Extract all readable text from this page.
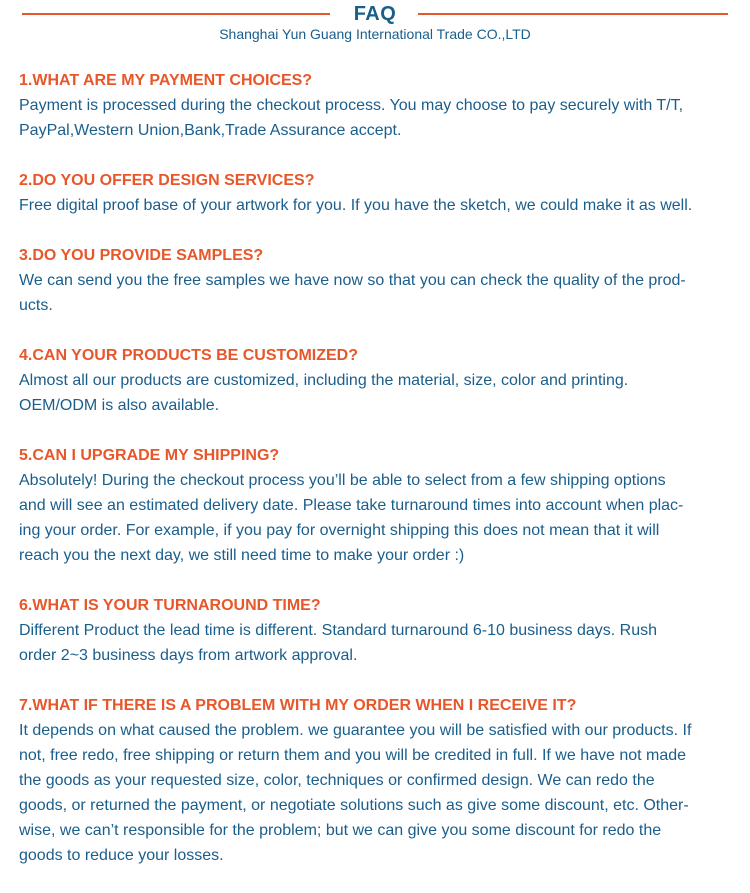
FAQ
Shanghai Yun Guang International Trade CO.,LTD
1.WHAT ARE MY PAYMENT CHOICES?
Payment is processed during the checkout process. You may choose to pay securely with T/T,
PayPal,Western Union,Bank,Trade Assurance accept.
2.DO YOU OFFER DESIGN SERVICES?
Free digital proof base of your artwork for you. If you have the sketch, we could make it as well.
3.DO YOU PROVIDE SAMPLES?
We can send you the free samples we have now so that you can check the quality of the prod-
ucts.
4.CAN YOUR PRODUCTS BE CUSTOMIZED?
Almost all our products are customized, including the material, size, color and printing.
OEM/ODM is also available.
5.CAN I UPGRADE MY SHIPPING?
Absolutely! During the checkout process you’ll be able to select from a few shipping options
and will see an estimated delivery date. Please take turnaround times into account when plac-
ing your order. For example, if you pay for overnight shipping this does not mean that it will
reach you the next day, we still need time to make your order :)
6.WHAT IS YOUR TURNAROUND TIME?
Different Product the lead time is different. Standard turnaround 6-10 business days. Rush
order 2~3 business days from artwork approval.
7.WHAT IF THERE IS A PROBLEM WITH MY ORDER WHEN I RECEIVE IT?
It depends on what caused the problem. we guarantee you will be satisfied with our products. If
not, free redo, free shipping or return them and you will be credited in full. If we have not made
the goods as your requested size, color, techniques or confirmed design. We can redo the
goods, or returned the payment, or negotiate solutions such as give some discount, etc. Other-
wise, we can’t responsible for the problem; but we can give you some discount for redo the
goods to reduce your losses.
